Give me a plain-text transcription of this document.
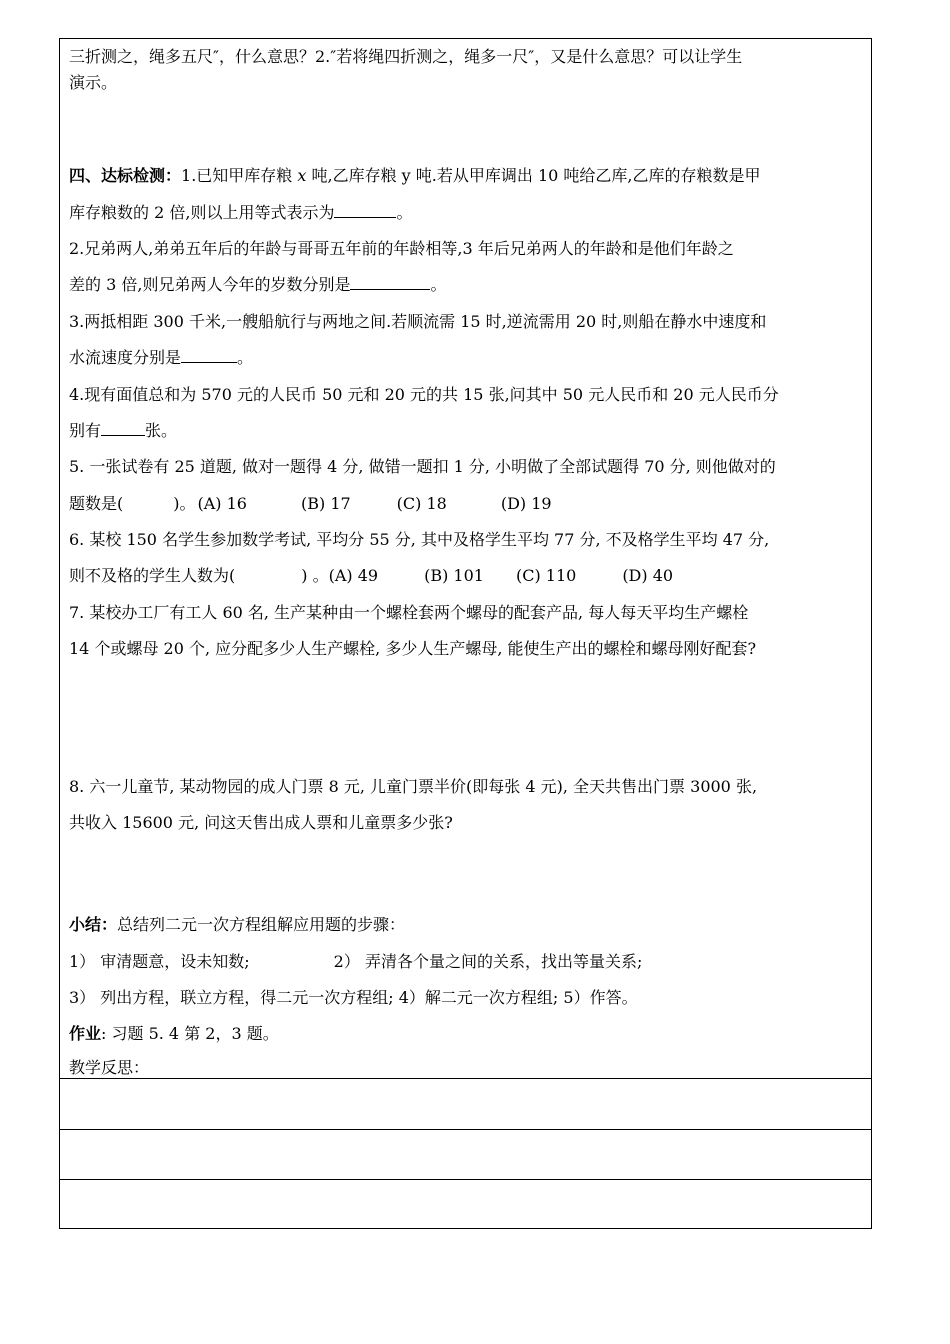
三折测之，绳多五尺″，什么意思？2.″若将绳四折测之，绳多一尺″，又是什么意思？可以让学生
演示。
四、达标检测：1.已知甲库存粮 x 吨,乙库存粮 y 吨.若从甲库调出 10 吨给乙库,乙库的存粮数是甲
库存粮数的 2 倍,则以上用等式表示为	。
2.兄弟两人,弟弟五年后的年龄与哥哥五年前的年龄相等,3 年后兄弟两人的年龄和是他们年龄之
差的 3 倍,则兄弟两人今年的岁数分别是	。
3.两抵相距 300 千米,一艘船航行与两地之间.若顺流需 15 时,逆流需用 20 时,则船在静水中速度和
水流速度分别是	。
4.现有面值总和为 570 元的人民币 50 元和 20 元的共 15 张,问其中 50 元人民币和 20 元人民币分
别有	张。
5. 一张试卷有 25 道题, 做对一题得 4 分, 做错一题扣 1 分, 小明做了全部试题得 70 分, 则他做对的
题数是(	)。 (A) 16	(B) 17	(C) 18	(D) 19
6. 某校 150 名学生参加数学考试, 平均分 55 分, 其中及格学生平均 77 分, 不及格学生平均 47 分,
则不及格的学生人数为(	) 。(A) 49	(B) 101 (C) 110	(D) 40
7. 某校办工厂有工人 60 名, 生产某种由一个螺栓套两个螺母的配套产品, 每人每天平均生产螺栓
14 个或螺母 20 个, 应分配多少人生产螺栓, 多少人生产螺母, 能使生产出的螺栓和螺母刚好配套?
8. 六一儿童节, 某动物园的成人门票 8 元, 儿童门票半价(即每张 4 元), 全天共售出门票 3000 张,
共收入 15600 元, 问这天售出成人票和儿童票多少张?
小结：总结列二元一次方程组解应用题的步骤：
1） 审清题意，设未知数;	2） 弄清各个量之间的关系，找出等量关系;
3） 列出方程，联立方程，得二元一次方程组; 4）解二元一次方程组; 5）作答。
作业: 习题 5. 4 第 2，3 题。
教学反思：
